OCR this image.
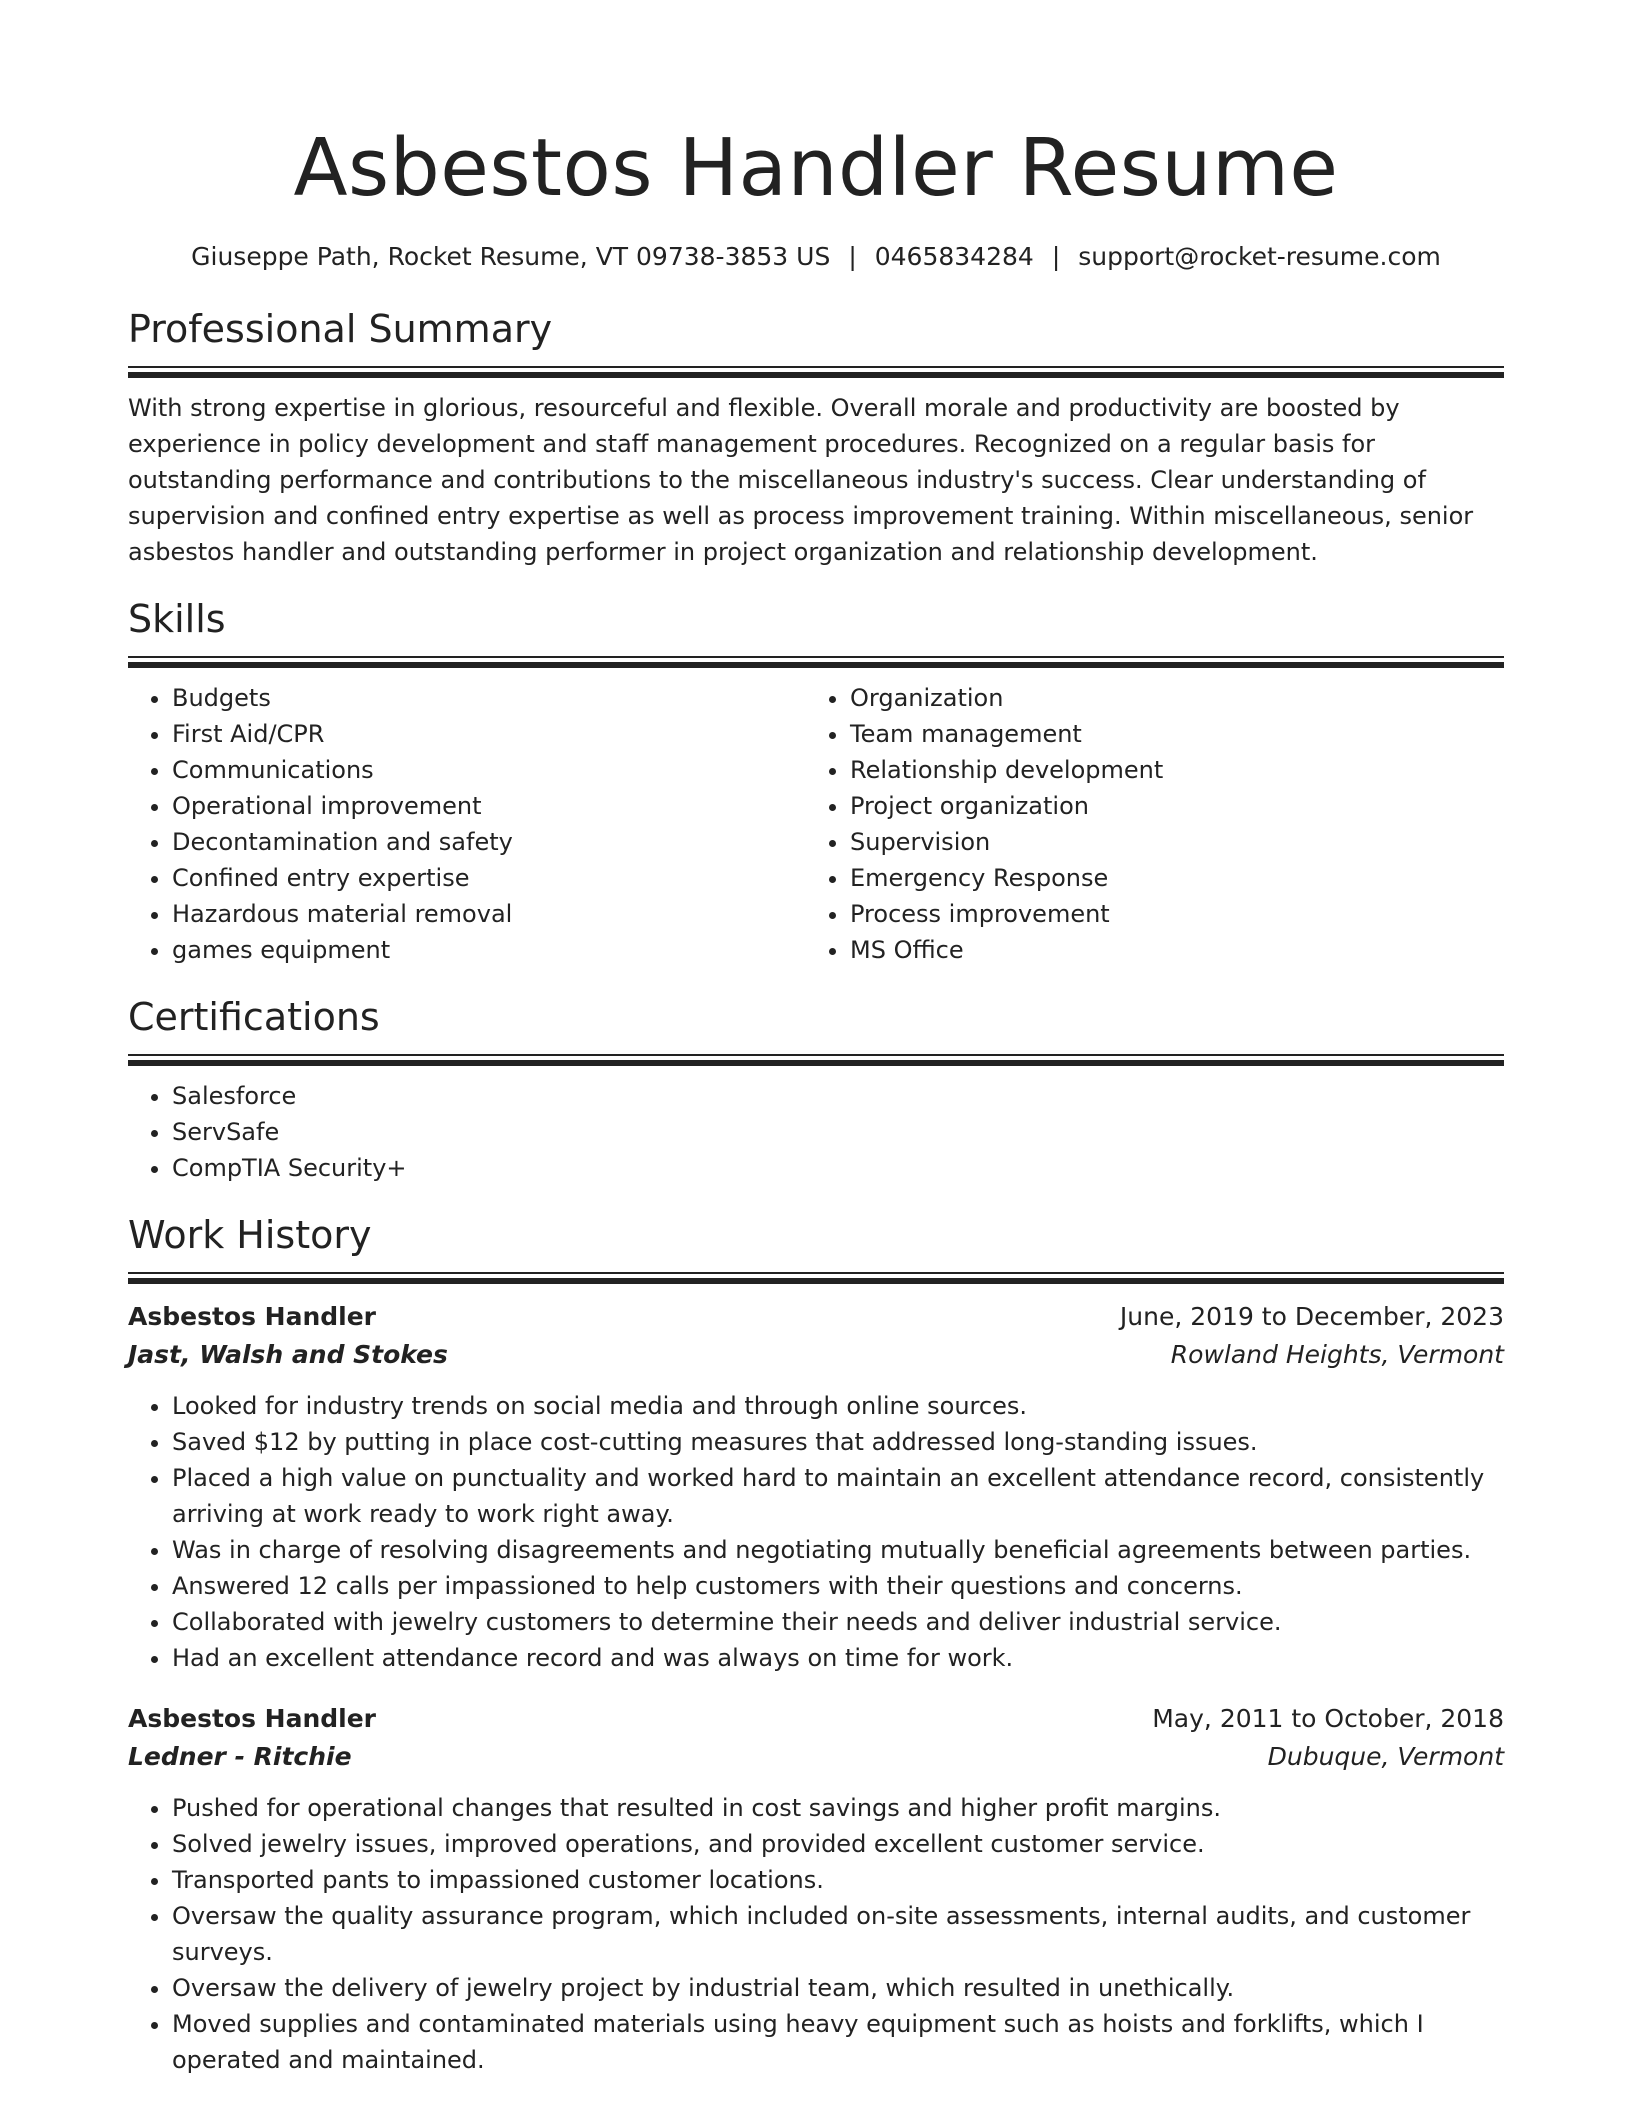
Asbestos Handler Resume
Giuseppe Path, Rocket Resume, VT 09738-3853 US | 0465834284 | support@rocket-resume.com
Professional Summary

With strong expertise in glorious, resourceful and flexible. Overall morale and productivity are boosted by experience in policy development and staff management procedures. Recognized on a regular basis for outstanding performance and contributions to the miscellaneous industry's success. Clear understanding of supervision and confined entry expertise as well as process improvement training. Within miscellaneous, senior asbestos handler and outstanding performer in project organization and relationship development.

Skills
• Budgets
• First Aid/CPR
• Communications
• Operational improvement
• Decontamination and safety
• Confined entry expertise
• Hazardous material removal
• games equipment
• Organization
• Team management
• Relationship development
• Project organization
• Supervision
• Emergency Response
• Process improvement
• MS Office
Certifications
• Salesforce
• ServSafe
• CompTIA Security+
Work History
Asbestos Handler	June, 2019 to December, 2023
Jast, Walsh and Stokes	Rowland Heights, Vermont
• Looked for industry trends on social media and through online sources.
• Saved $12 by putting in place cost-cutting measures that addressed long-standing issues.
• Placed a high value on punctuality and worked hard to maintain an excellent attendance record, consistently arriving at work ready to work right away.
• Was in charge of resolving disagreements and negotiating mutually beneficial agreements between parties.
• Answered 12 calls per impassioned to help customers with their questions and concerns.
• Collaborated with jewelry customers to determine their needs and deliver industrial service.
• Had an excellent attendance record and was always on time for work.
Asbestos Handler	May, 2011 to October, 2018
Ledner - Ritchie	Dubuque, Vermont
• Pushed for operational changes that resulted in cost savings and higher profit margins.
• Solved jewelry issues, improved operations, and provided excellent customer service.
• Transported pants to impassioned customer locations.
• Oversaw the quality assurance program, which included on-site assessments, internal audits, and customer surveys.
• Oversaw the delivery of jewelry project by industrial team, which resulted in unethically.
• Moved supplies and contaminated materials using heavy equipment such as hoists and forklifts, which I operated and maintained.
